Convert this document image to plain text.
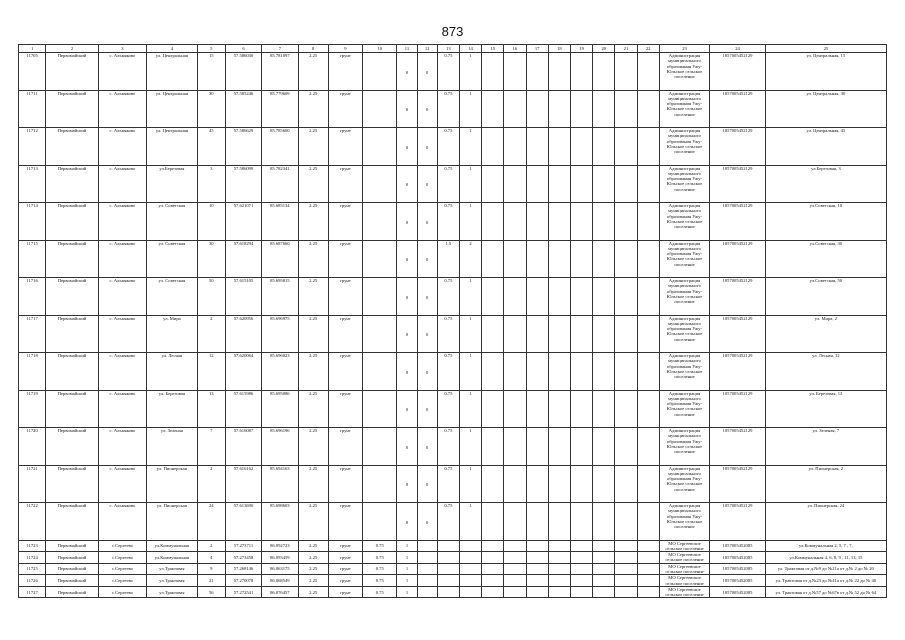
873
1	2	3	4	5	6	7	8	9	10	11	12	13	14	15	16	17	18	19	20	21	22	23	24	25
11705	Первомайский	с. Альмяково	ул. Центральная	15	57.586030	85.781097	2.25	грунт		0	0	0.75	1									Администрация муниципального образования Ужу-Юльское сельское поселение	1057005452129	ул. Центральная, 15
11711	Первомайский	с. Альмяково	ул. Центральная	30	57.585246	85.779609	2.25	грунт		0	0	0.75	1									Администрация муниципального образования Ужу-Юльское сельское поселение	1057005452129	ул. Центральная, 30
11712	Первомайский	с. Альмяково	ул. Центральная	45	57.586629	85.785600	2.25	грунт		0	0	0.75	1									Администрация муниципального образования Ужу-Юльское сельское поселение	1057005452129	ул. Центральная, 45
11713	Первомайский	с. Альмяково	ул.Березовая	3	57.586099	85.782341	2.25	грунт		0	0	0.75	1									Администрация муниципального образования Ужу-Юльское сельское поселение	1057005452129	ул.Березовая, 3
11714	Первомайский	с. Альмяково	ул. Советская	10	57.621071	85.683134	2.25	грунт		0	0	0.75	1									Администрация муниципального образования Ужу-Юльское сельское поселение	1057005452129	ул.Советская, 10
11715	Первомайский	с. Альмяково	ул. Советская	30	57.618294	85.687660	2.25	грунт		0	0	1.5	2									Администрация муниципального образования Ужу-Юльское сельское поселение	1057005452129	ул.Советская, 30
11716	Первомайский	с. Альмяково	ул. Советская	50	57.615105	85.695815	2.25	грунт		0	0	0.75	1									Администрация муниципального образования Ужу-Юльское сельское поселение	1057005452129	ул.Советская, 50
11717	Первомайский	с. Альмяково	ул. Мира	2	57.620956	85.696975	2.25	грунт		0	0	0.75	1									Администрация муниципального образования Ужу-Юльское сельское поселение	1057005452129	ул. Мира, 2
11718	Первомайский	с. Альмяково	ул. Лесная	12	57.620064	85.696023	2.25	грунт		0	0	0.75	1									Администрация муниципального образования Ужу-Юльское сельское поселение	1057005452129	ул. Лесная, 12
11719	Первомайский	с. Альмяково	ул. Березовая	13	57.615986	85.695086	2.25	грунт		0	0	0.75	1									Администрация муниципального образования Ужу-Юльское сельское поселение	1057005452129	ул. Березовая, 13
11720	Первомайский	с. Альмяково	ул. Зеленая	7	57.616087	85.696196	2.25	грунт		0	0	0.75	1									Администрация муниципального образования Ужу-Юльское сельское поселение	1057005452129	ул. Зеленая, 7
11721	Первомайский	с. Альмяково	ул. Пионерская	2	57.616162	85.694163	2.25	грунт		0	0	0.75	1									Администрация муниципального образования Ужу-Юльское сельское поселение	1057005452129	ул. Пионерская, 2
11722	Первомайский	с. Альмяково	ул. Пионерская	24	57.613690	85.698603	2.25	грунт		0	0	0.75	1									Администрация муниципального образования Ужу-Юльское сельское поселение	1057005452129	ул. Пионерская, 24
11723	Первомайский	с.Сергеево	ул.Коммунальная	2	57.273711	86.092723	2.25	грунт	0.75	1												МО Сергеевское сельское поселение	1057005452085	ул.Коммунальная 2, 5, 7 , 7,
11724	Первомайский	с.Сергеево	ул.Коммунальная	4	57.273458	86.093459	2.25	грунт	0.75	1												МО Сергеевское сельское поселение	1057005452085	ул.Коммунальная 4, 6, 8, 9 , 11, 13, 15
11725	Первомайский	с.Сергеево	ул.Трактовая	9	57.268146	86.063175	2.25	грунт	0.75	1												МО Сергеевское сельское поселение	1057005452085	ул. Трактовая от д.№9 до №21а от д.№ 2 до № 20
11726	Первомайский	с.Сергеево	ул.Трактовая	21	57.270078	86.068549	2.25	грунт	0.75	1												МО Сергеевское сельское поселение	1057005452085	ул. Трактовая от д.№23 до №41а от д.№ 22 до № 40
11727	Первомайский	с.Сергеево	ул.Трактовая	56	57.272541	86.076457	2.25	грунт	0.75	1												МО Сергеевское сельское поселение	1057005452085	ул. Трактовая от д.№57 до №67в от д.№ 52 до № 64
